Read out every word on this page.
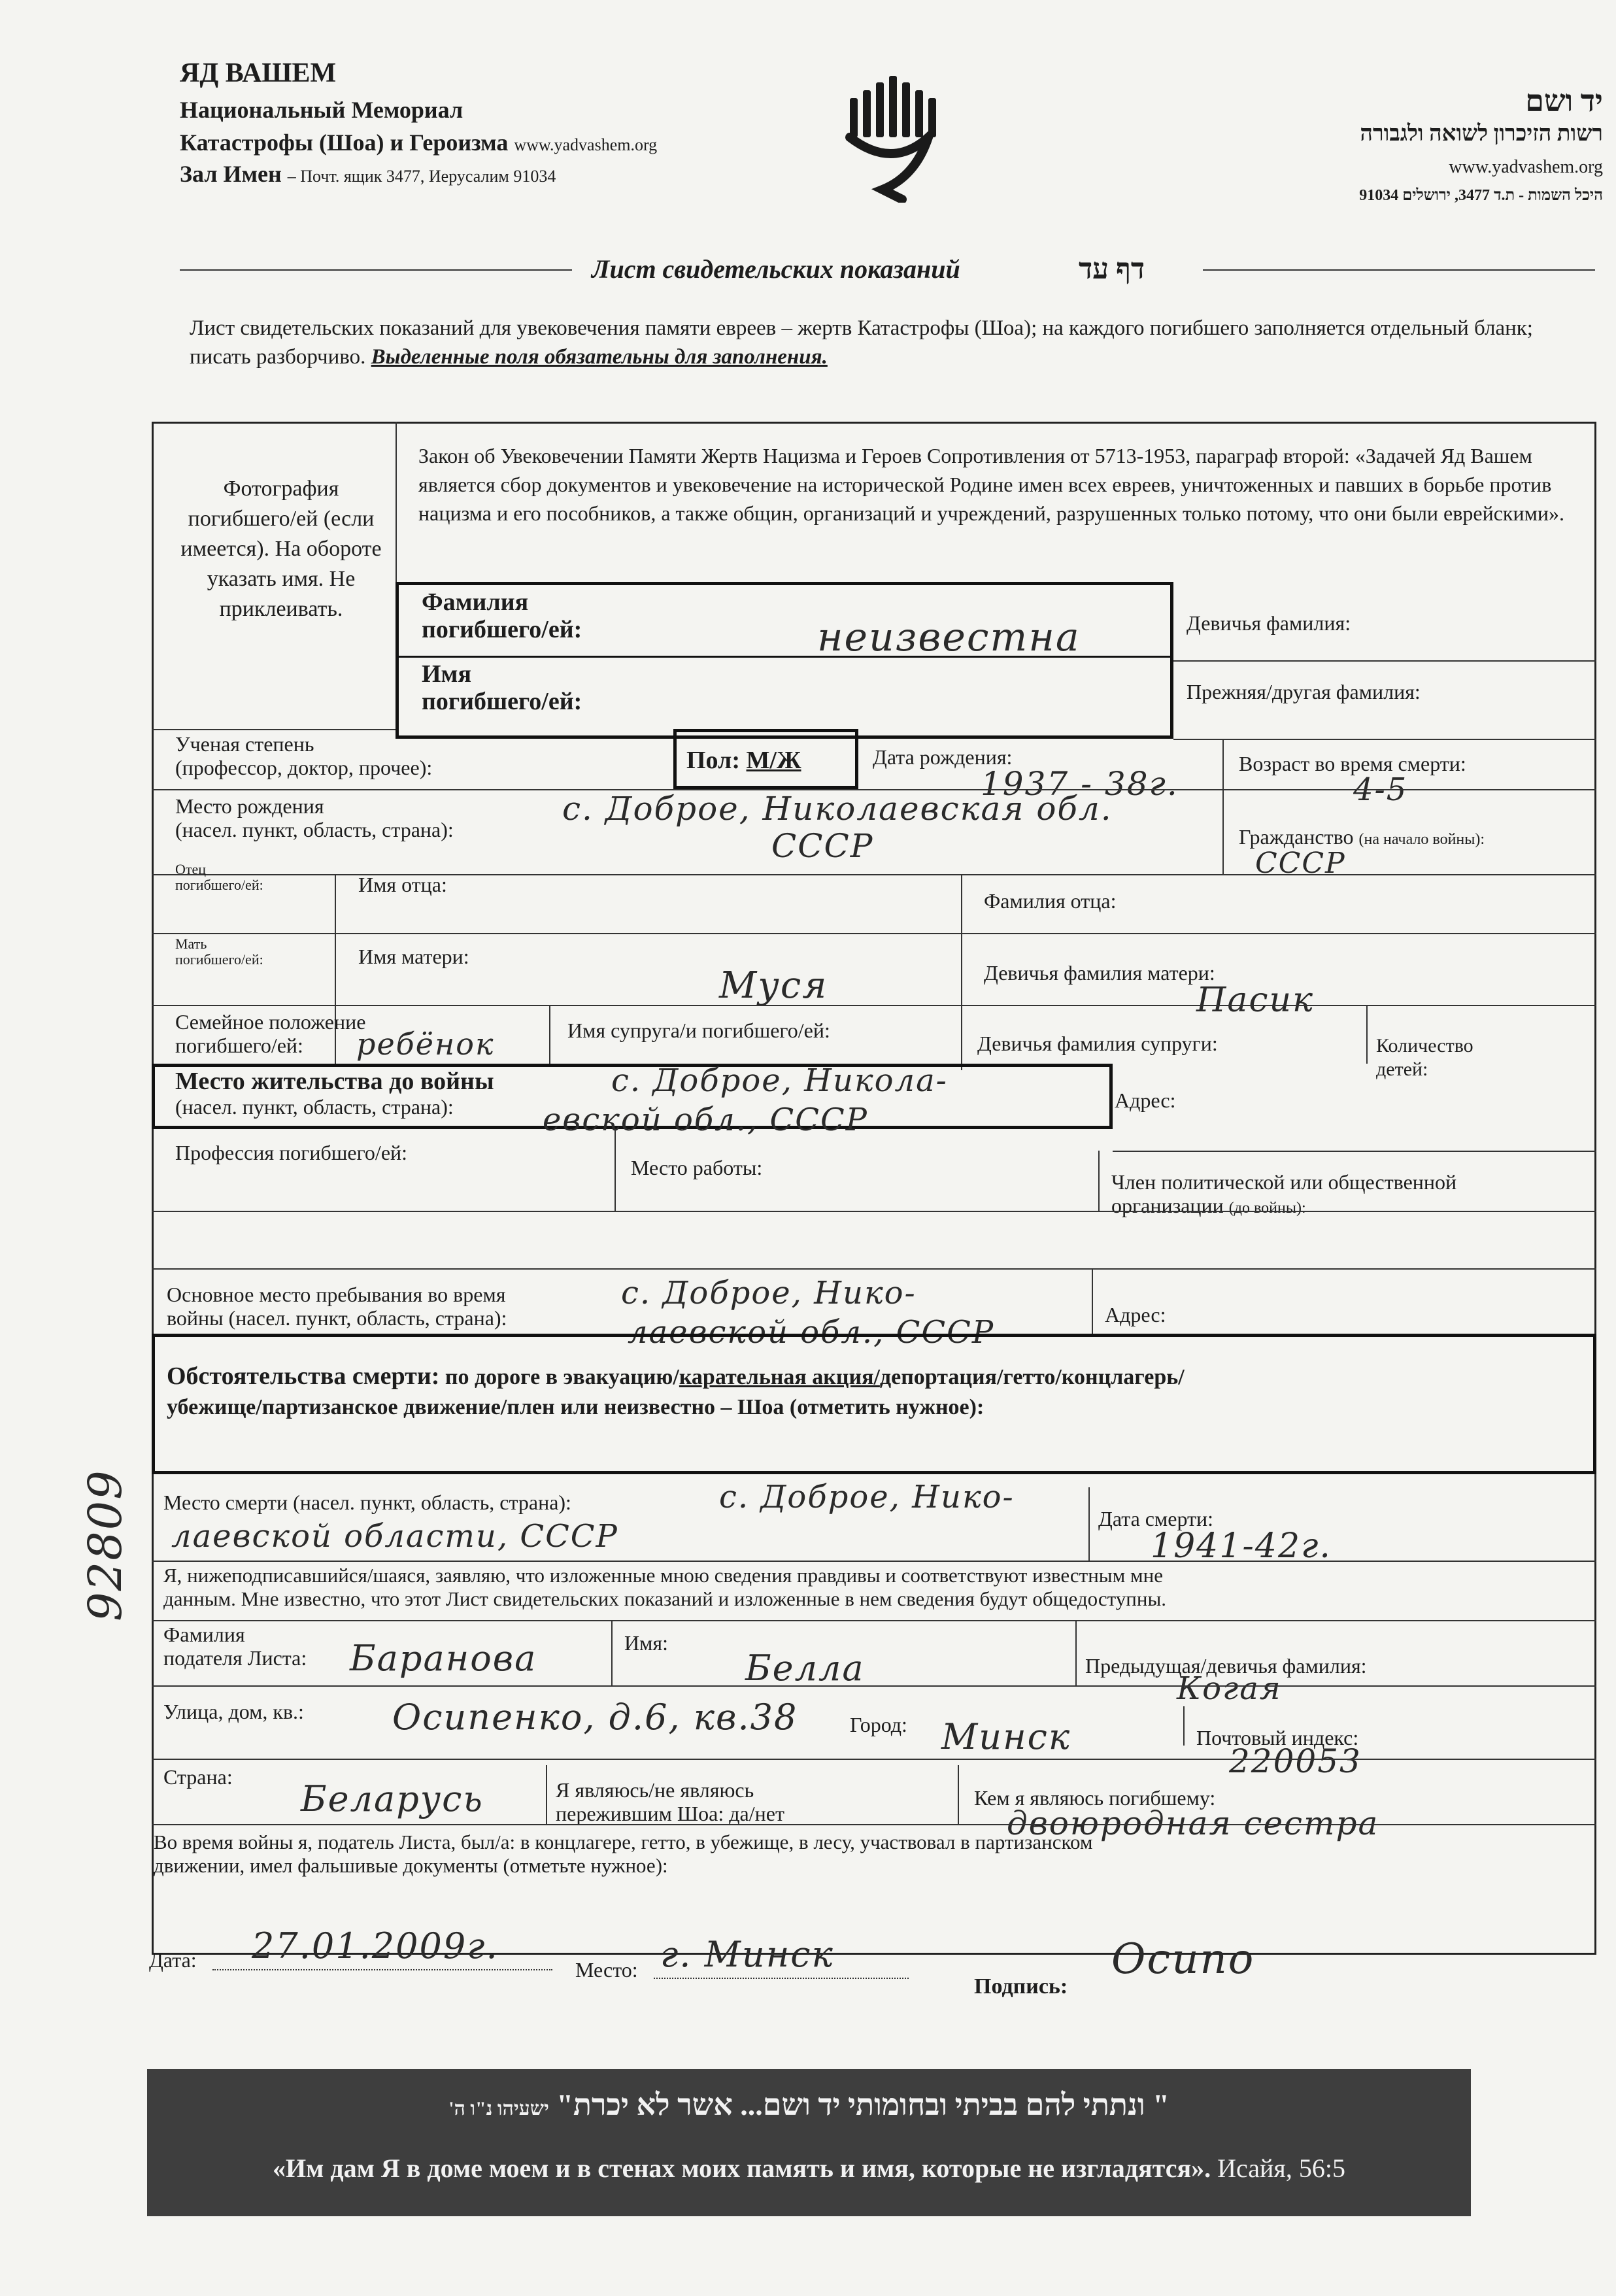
ЯД ВАШЕМ
Национальный Мемориал
Катастрофы (Шоа) и Героизма www.yadvashem.org
Зал Имен – Почт. ящик 3477, Иерусалим 91034
יד ושם
רשות הזיכרון לשואה ולגבורה
www.yadvashem.org
היכל השמות - ת.ד 3477, ירושלים 91034
Лист свидетельских показаний	דף עד
Лист свидетельских показаний для увековечения памяти евреев – жертв Катастрофы (Шоа); на каждого погибшего заполняется отдельный бланк; писать разборчиво. Выделенные поля обязательны для заполнения.
Фотография погибшего/ей (если имеется). На обороте указать имя. Не приклеивать.
Закон об Увековечении Памяти Жертв Нацизма и Героев Сопротивления от 5713-1953, параграф второй: «Задачей Яд Вашем является сбор документов и увековечение на исторической Родине имен всех евреев, уничтоженных и павших в борьбе против нацизма и его пособников, а также общин, организаций и учреждений, разрушенных только потому, что они были еврейскими».
Фамилия
погибшего/ей:	неизвестна
Имя
погибшего/ей:
Девичья фамилия:
Прежняя/другая фамилия:
Ученая степень
(профессор, доктор, прочее):	Пол: М/Ж	Дата рождения:
1937 - 38г.
Возраст во время смерти:
4-5
Место рождения
(насел. пункт, область, страна):
с. Доброе, Николаевская обл.
СССР	Гражданство (на начало войны):
СССР
Отец
погибшего/ей:	Имя отца:
Фамилия отца:
Мать
погибшего/ей:	Имя матери:
Муся	Девичья фамилия матери:
Пасик
Семейное положение
погибшего/ей:	ребёнок	Имя супруга/и погибшего/ей:
Девичья фамилия супруги:	Количество
детей:
Место жительства до войны
(насел. пункт, область, страна):
с. Доброе, Никола-
евской обл., СССР
Адрес:
Профессия погибшего/ей:
Место работы:
Член политической или общественной
организации (до войны):
Основное место пребывания во время
войны (насел. пункт, область, страна):
с. Доброе, Нико-
лаевской обл., СССР	Адрес:
Обстоятельства смерти: по дороге в эвакуацию/карательная акция/депортация/гетто/концлагерь/
убежище/партизанское движение/плен или неизвестно – Шоа (отметить нужное):
Место смерти (насел. пункт, область, страна):	с. Доброе, Нико-
лаевской области, СССР	Дата смерти:
1941-42г.
Я, нижеподписавшийся/шаяся, заявляю, что изложенные мною сведения правдивы и соответствуют известным мне
данным. Мне известно, что этот Лист свидетельских показаний и изложенные в нем сведения будут общедоступны.
Фамилия
подателя Листа: Баранова	Имя:
Белла	Предыдущая/девичья фамилия:
Когая
Улица, дом, кв.:	Осипенко, д.6, кв.38 Город: Минск	Почтовый индекс:
220053
Страна:
Беларусь	Я являюсь/не являюсь
пережившим Шоа: да/нет
Кем я являюсь погибшему:
двоюродная сестра
Во время войны я, податель Листа, был/а: в концлагере, гетто, в убежище, в лесу, участвовал в партизанском
движении, имел фальшивые документы (отметьте нужное):
Дата: 27.01.2009г.
Место: г. Минск
Подпись:
Осипо
92809
" ונתתי להם בביתי ובחומותי יד ושם... אשר לא יכרת" ישעיהו נ"ו ה'
«Им дам Я в доме моем и в стенах моих память и имя, которые не изгладятся». Исайя, 56:5
